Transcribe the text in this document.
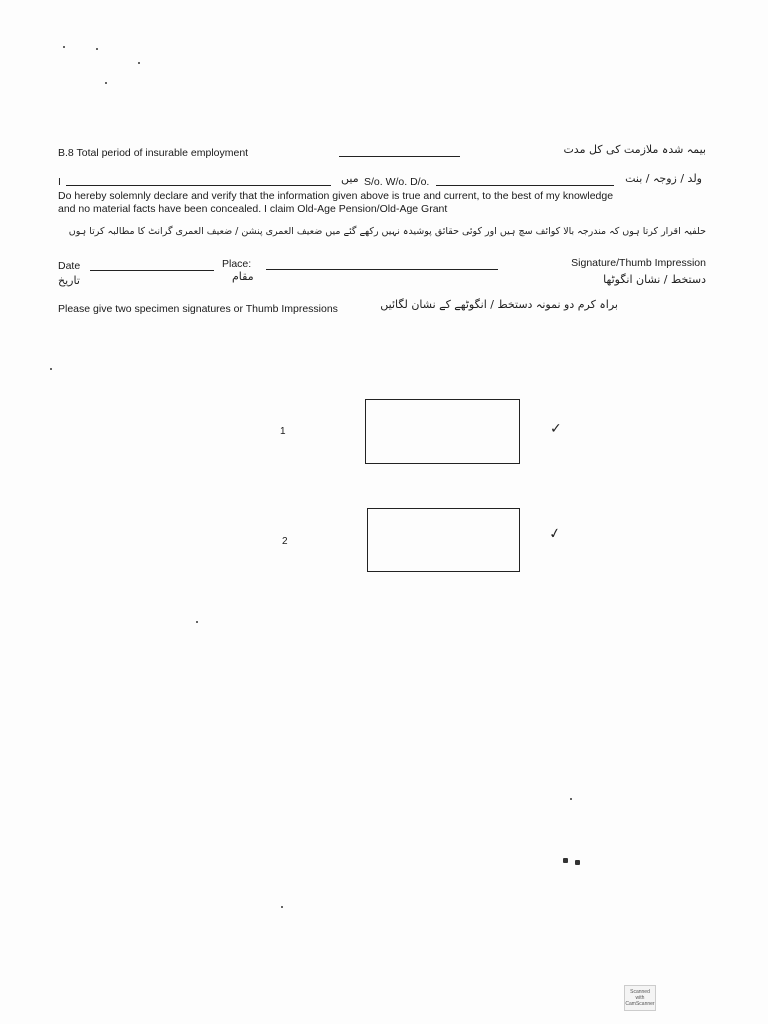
B.8 Total period of insurable employment	بیمہ شدہ ملازمت کی کل مدت
I	میں S/o. W/o. D/o.	ولد / زوجہ / بنت
Do hereby solemnly declare and verify that the information given above is true and current, to the best of my knowledge
and no material facts have been concealed. I claim Old-Age Pension/Old-Age Grant
حلفیہ اقرار کرتا ہوں کہ مندرجہ بالا کوائف سچ ہیں اور کوئی حقائق پوشیدہ نہیں رکھے گئے میں ضعیف العمری پنشن / ضعیف العمری گرانٹ کا مطالبہ کرتا ہوں
Date
تاریخ
Place:
مقام
Signature/Thumb Impression
دستخط / نشان انگوٹھا
Please give two specimen signatures or Thumb Impressions	براہ کرم دو نمونہ دستخط / انگوٹھے کے نشان لگائیں
1	✓
2	✓
Scanned with CamScanner
